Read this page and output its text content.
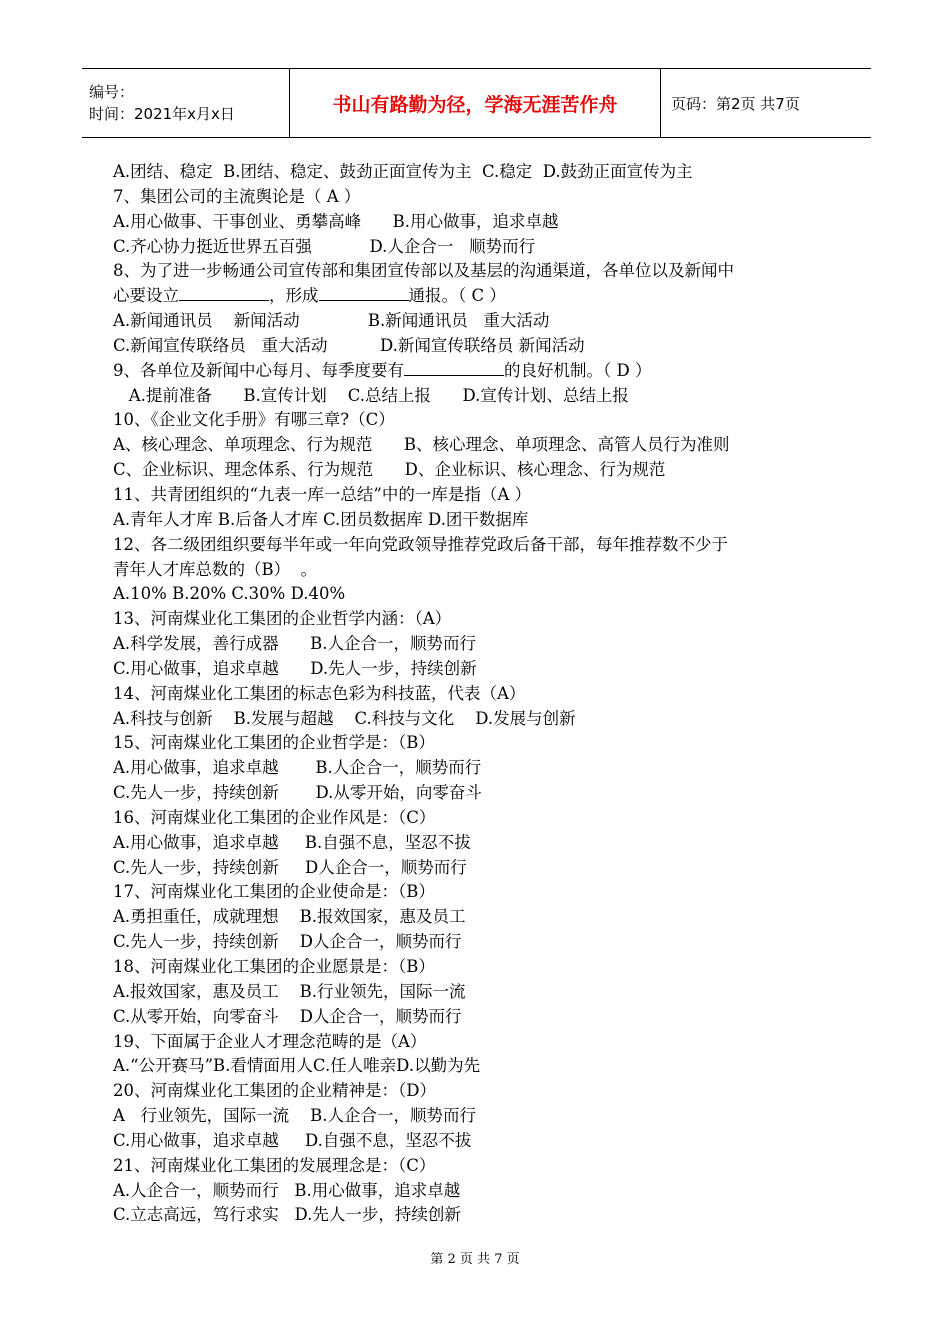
编号：
时间：2021年x月x日	书山有路勤为径，学海无涯苦作舟	页码：第2页 共7页
A.团结、稳定  B.团结、稳定、鼓劲正面宣传为主  C.稳定  D.鼓劲正面宣传为主
7、集团公司的主流舆论是（ A ）
A.用心做事、干事创业、勇攀高峰      B.用心做事，追求卓越
C.齐心协力挺近世界五百强           D.人企合一   顺势而行
8、为了进一步畅通公司宣传部和集团宣传部以及基层的沟通渠道，各单位以及新闻中
心要设立	，形成	通报。（ C ）
A.新闻通讯员    新闻活动             B.新闻通讯员   重大活动
C.新闻宣传联络员   重大活动          D.新闻宣传联络员 新闻活动
9、各单位及新闻中心每月、每季度要有	的良好机制。（ D ）
A.提前准备      B.宣传计划    C.总结上报      D.宣传计划、总结上报
10、《企业文化手册》有哪三章?（C）
A、核心理念、单项理念、行为规范      B、核心理念、单项理念、高管人员行为准则
C、企业标识、理念体系、行为规范      D、企业标识、核心理念、行为规范
11、共青团组织的“九表一库一总结”中的一库是指（A ）
A.青年人才库 B.后备人才库 C.团员数据库 D.团干数据库
12、各二级团组织要每半年或一年向党政领导推荐党政后备干部，每年推荐数不少于
青年人才库总数的（B）  。
A.10% B.20% C.30% D.40%
13、河南煤业化工集团的企业哲学内涵：（A）
A.科学发展，善行成器      B.人企合一，顺势而行
C.用心做事，追求卓越      D.先人一步，持续创新
14、河南煤业化工集团的标志色彩为科技蓝，代表（A）
A.科技与创新    B.发展与超越    C.科技与文化    D.发展与创新
15、河南煤业化工集团的企业哲学是：（B）
A.用心做事，追求卓越       B.人企合一，顺势而行
C.先人一步，持续创新       D.从零开始，向零奋斗
16、河南煤业化工集团的企业作风是：（C）
A.用心做事，追求卓越     B.自强不息，坚忍不拔
C.先人一步，持续创新     D人企合一，顺势而行
17、河南煤业化工集团的企业使命是：（B）
A.勇担重任，成就理想    B.报效国家，惠及员工
C.先人一步，持续创新    D人企合一，顺势而行
18、河南煤业化工集团的企业愿景是：（B）
A.报效国家，惠及员工    B.行业领先，国际一流
C.从零开始，向零奋斗    D人企合一，顺势而行
19、下面属于企业人才理念范畴的是（A）
A.“公开赛马”B.看情面用人C.任人唯亲D.以勤为先
20、河南煤业化工集团的企业精神是：（D）
A   行业领先，国际一流    B.人企合一，顺势而行
C.用心做事，追求卓越     D.自强不息，坚忍不拔
21、河南煤业化工集团的发展理念是：（C）
A.人企合一，顺势而行   B.用心做事，追求卓越
C.立志高远，笃行求实   D.先人一步，持续创新
第 2 页 共 7 页
